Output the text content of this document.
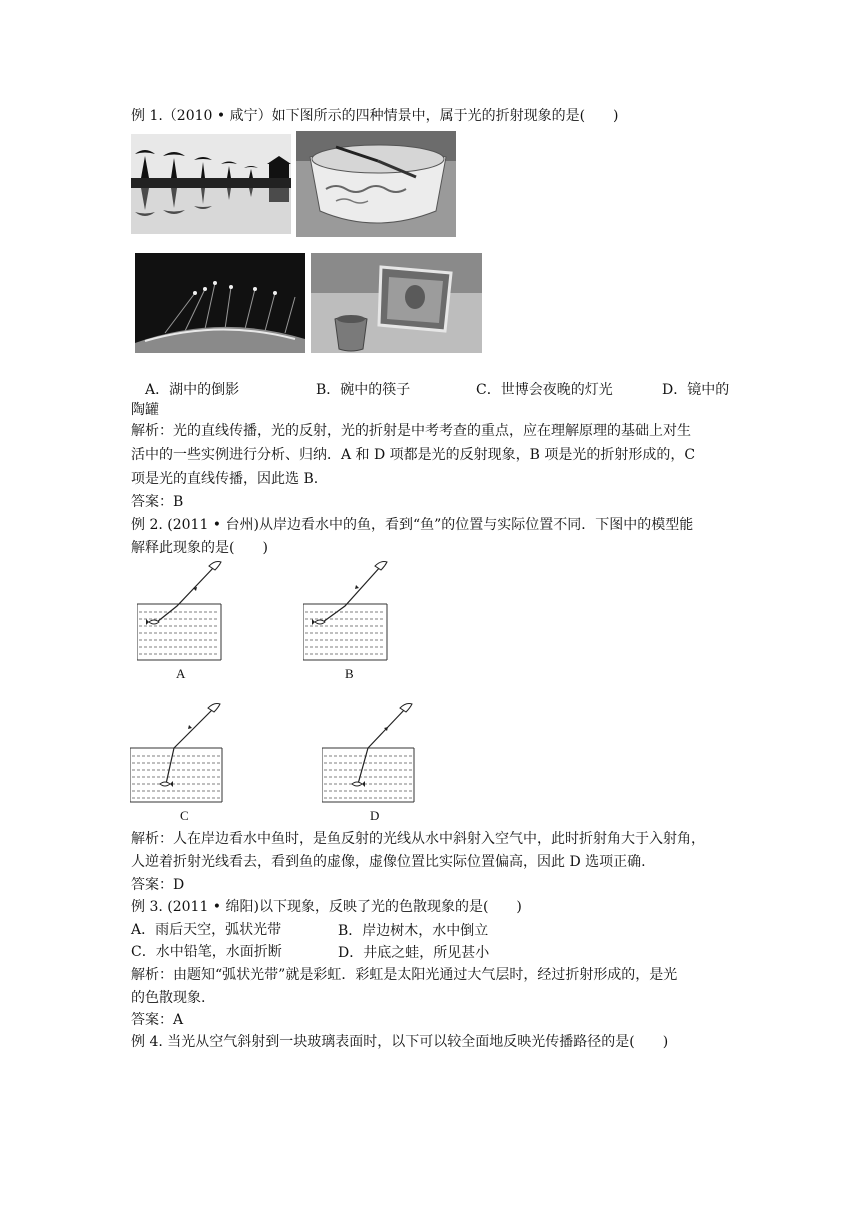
例 1.（2010 • 咸宁）如下图所示的四种情景中，属于光的折射现象的是(　　)
A．湖中的倒影	B．碗中的筷子	C．世博会夜晚的灯光	D．镜中的
陶罐
解析：光的直线传播，光的反射，光的折射是中考考查的重点，应在理解原理的基础上对生
活中的一些实例进行分析、归纳．A 和 D 项都是光的反射现象，B 项是光的折射形成的，C
项是光的直线传播，因此选 B.
答案：B
例 2. (2011 • 台州)从岸边看水中的鱼，看到“鱼”的位置与实际位置不同．下图中的模型能
解释此现象的是(　　)
A	B
C	D
解析：人在岸边看水中鱼时，是鱼反射的光线从水中斜射入空气中，此时折射角大于入射角，
人逆着折射光线看去，看到鱼的虚像，虚像位置比实际位置偏高，因此 D 选项正确.
答案：D
例 3. (2011 • 绵阳)以下现象，反映了光的色散现象的是(　　)
A．雨后天空，弧状光带	B．岸边树木，水中倒立
C．水中铅笔，水面折断	D．井底之蛙，所见甚小
解析：由题知“弧状光带”就是彩虹．彩虹是太阳光通过大气层时，经过折射形成的，是光
的色散现象.
答案：A
例 4. 当光从空气斜射到一块玻璃表面时，以下可以较全面地反映光传播路径的是(　　)
